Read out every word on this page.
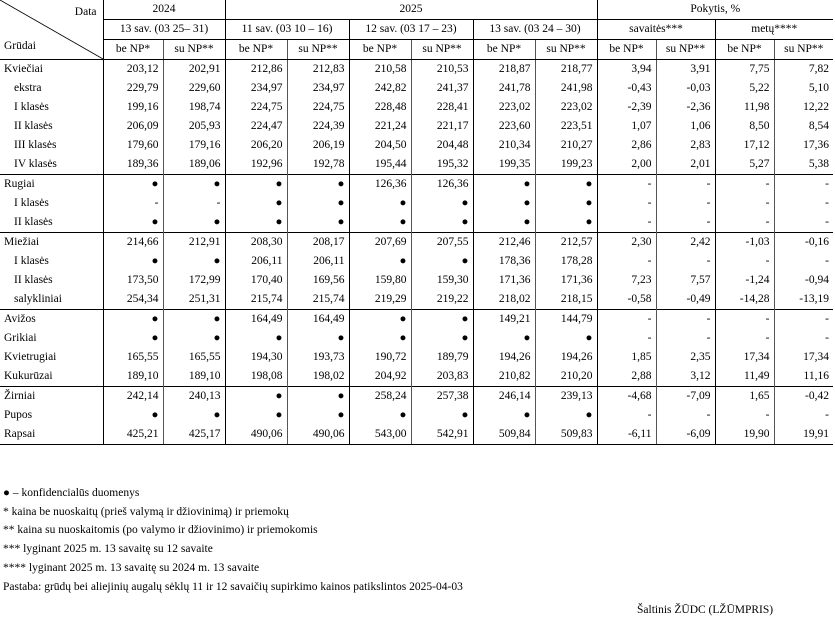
Data
Grūdai	2024		2025						Pokytis, %			
	13 sav. (03 25– 31)		11 sav. (03 10 – 16)		12 sav. (03 17 – 23)		13 sav. (03 24 – 30)		savaitės***		metų****	
	be NP*	su NP**	be NP*	su NP**	be NP*	su NP**	be NP*	su NP**	be NP*	su NP**	be NP*	su NP**
Kviečiai	203,12	202,91	212,86	212,83	210,58	210,53	218,87	218,77	3,94	3,91	7,75	7,82
ekstra	229,79	229,60	234,97	234,97	242,82	241,37	241,78	241,98	-0,43	-0,03	5,22	5,10
I klasės	199,16	198,74	224,75	224,75	228,48	228,41	223,02	223,02	-2,39	-2,36	11,98	12,22
II klasės	206,09	205,93	224,47	224,39	221,24	221,17	223,60	223,51	1,07	1,06	8,50	8,54
III klasės	179,60	179,16	206,20	206,19	204,50	204,48	210,34	210,27	2,86	2,83	17,12	17,36
IV klasės	189,36	189,06	192,96	192,78	195,44	195,32	199,35	199,23	2,00	2,01	5,27	5,38
Rugiai	●	●	●	●	126,36	126,36	●	●	-	-	-	-
I klasės	-	-	●	●	●	●	●	●	-	-	-	-
II klasės	●	●	●	●	●	●	●	●	-	-	-	-
Miežiai	214,66	212,91	208,30	208,17	207,69	207,55	212,46	212,57	2,30	2,42	-1,03	-0,16
I klasės	●	●	206,11	206,11	●	●	178,36	178,28	-	-	-	-
II klasės	173,50	172,99	170,40	169,56	159,80	159,30	171,36	171,36	7,23	7,57	-1,24	-0,94
salykliniai	254,34	251,31	215,74	215,74	219,29	219,22	218,02	218,15	-0,58	-0,49	-14,28	-13,19
Avižos	●	●	164,49	164,49	●	●	149,21	144,79	-	-	-	-
Grikiai	●	●	●	●	●	●	●	●	-	-	-	-
Kvietrugiai	165,55	165,55	194,30	193,73	190,72	189,79	194,26	194,26	1,85	2,35	17,34	17,34
Kukurūzai	189,10	189,10	198,08	198,02	204,92	203,83	210,82	210,20	2,88	3,12	11,49	11,16
Žirniai	242,14	240,13	●	●	258,24	257,38	246,14	239,13	-4,68	-7,09	1,65	-0,42
Pupos	●	●	●	●	●	●	●	●	-	-	-	-
Rapsai	425,21	425,17	490,06	490,06	543,00	542,91	509,84	509,83	-6,11	-6,09	19,90	19,91
● – konfidencialūs duomenys
* kaina be nuoskaitų (prieš valymą ir džiovinimą) ir priemokų
** kaina su nuoskaitomis (po valymo ir džiovinimo) ir priemokomis
*** lyginant 2025 m. 13 savaitę su 12 savaite
**** lyginant 2025 m. 13 savaitę su 2024 m. 13 savaite
Pastaba: grūdų bei aliejinių augalų sėklų 11 ir 12 savaičių supirkimo kainos patikslintos 2025-04-03
Šaltinis ŽŪDC (LŽŪMPRIS)
